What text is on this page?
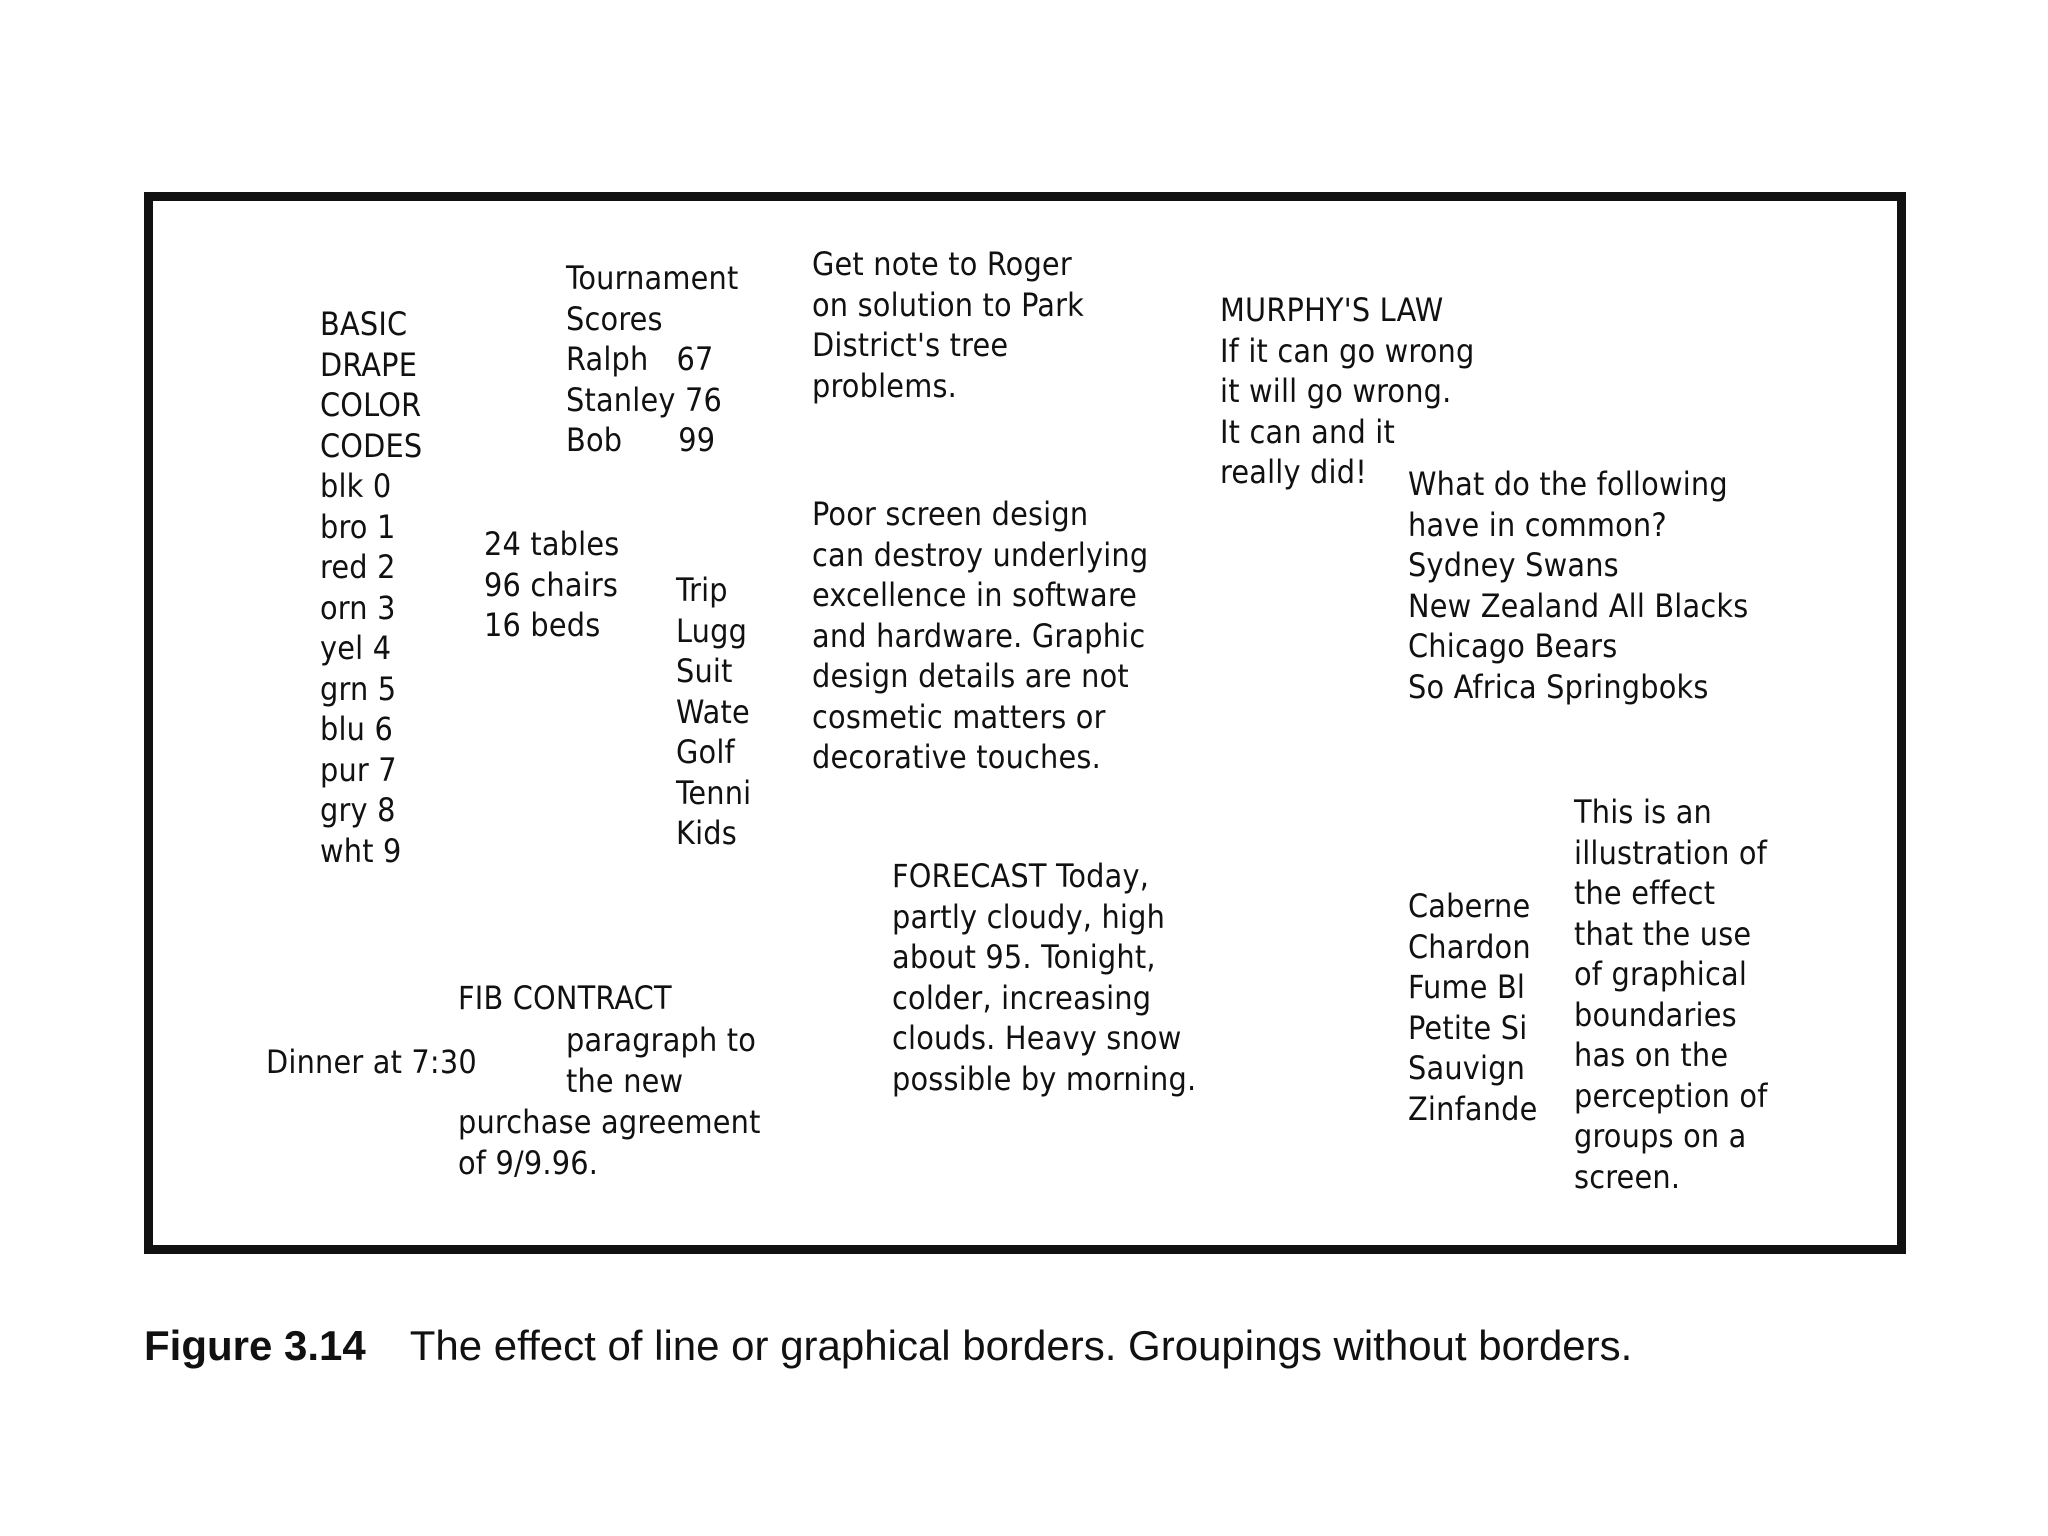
BASIC
DRAPE
COLOR
CODES
blk 0
bro 1
red 2
orn 3
yel 4
grn 5
blu 6
pur 7
gry 8
wht 9
Tournament
Scores
Ralph   67
Stanley 76
Bob      99
24 tables
96 chairs
16 beds
Trip
Lugg
Suit
Wate
Golf
Tenni
Kids
Get note to Roger
on solution to Park
District's tree
problems.
Poor screen design
can destroy underlying
excellence in software
and hardware. Graphic
design details are not
cosmetic matters or
decorative touches.
MURPHY'S LAW
If it can go wrong
it will go wrong.
It can and it
really did!	What do the following
have in common?
Sydney Swans
New Zealand All Blacks
Chicago Bears
So Africa Springboks
FORECAST Today,
partly cloudy, high
about 95. Tonight,
colder, increasing
clouds. Heavy snow
possible by morning.
FIB CONTRACT
paragraph to
the new
purchase agreement
of 9/9.96.
Dinner at 7:30
Caberne
Chardon
Fume Bl
Petite Si
Sauvign
Zinfande
This is an
illustration of
the effect
that the use
of graphical
boundaries
has on the
perception of
groups on a
screen.
Figure 3.14 The effect of line or graphical borders. Groupings without borders.
